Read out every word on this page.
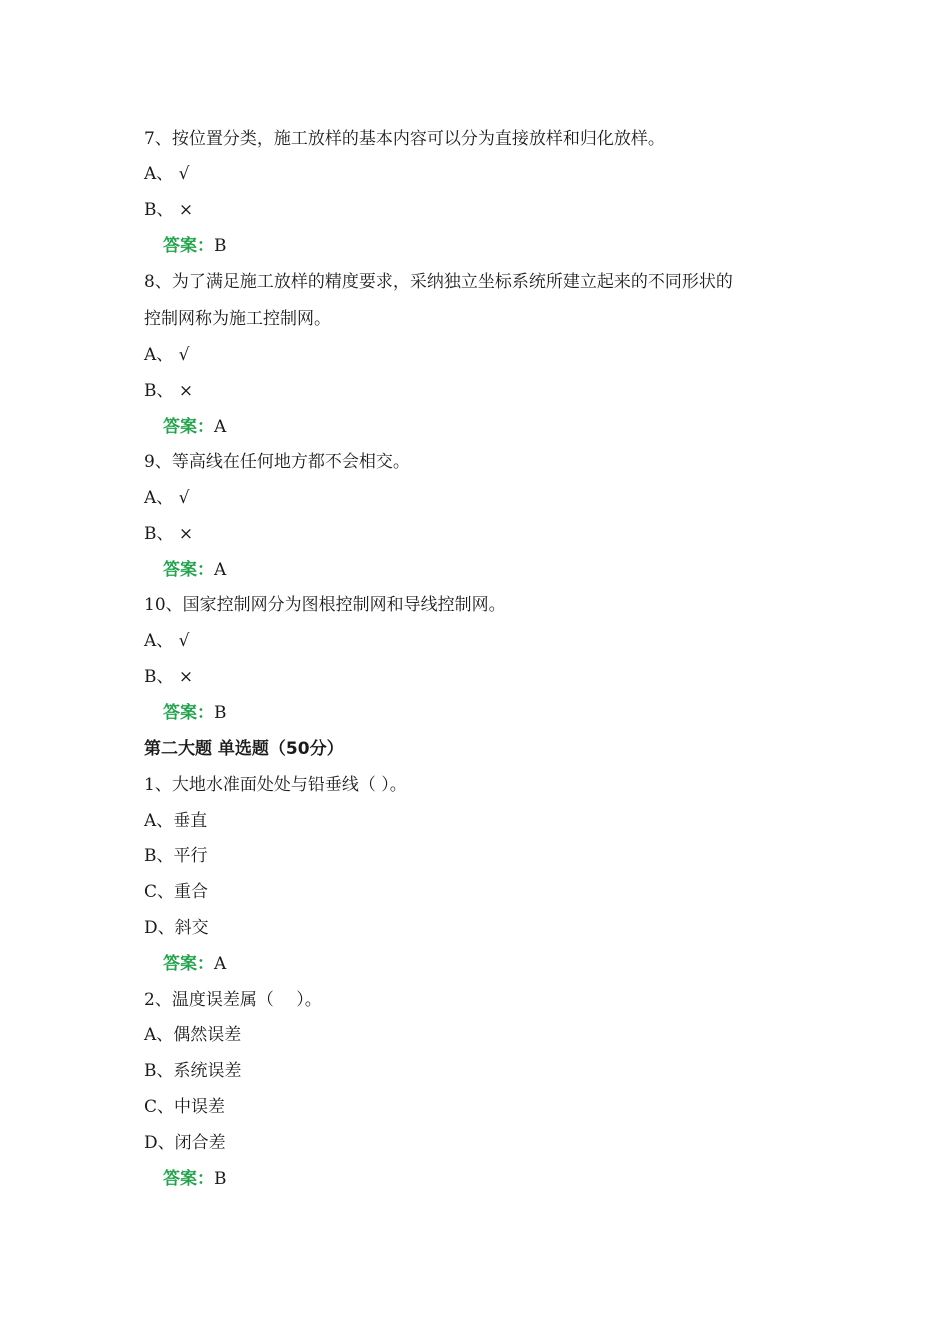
7、按位置分类，施工放样的基本内容可以分为直接放样和归化放样。
A、 √
B、 ×
答案：B
8、为了满足施工放样的精度要求，采纳独立坐标系统所建立起来的不同形状的
控制网称为施工控制网。
A、 √
B、 ×
答案：A
9、等高线在任何地方都不会相交。
A、 √
B、 ×
答案：A
10、国家控制网分为图根控制网和导线控制网。
A、 √
B、 ×
答案：B
第二大题 单选题（50分）
1、大地水准面处处与铅垂线（ ）。
A、垂直
B、平行
C、重合
D、斜交
答案：A
2、温度误差属（　 ）。
A、偶然误差
B、系统误差
C、中误差
D、闭合差
答案：B
